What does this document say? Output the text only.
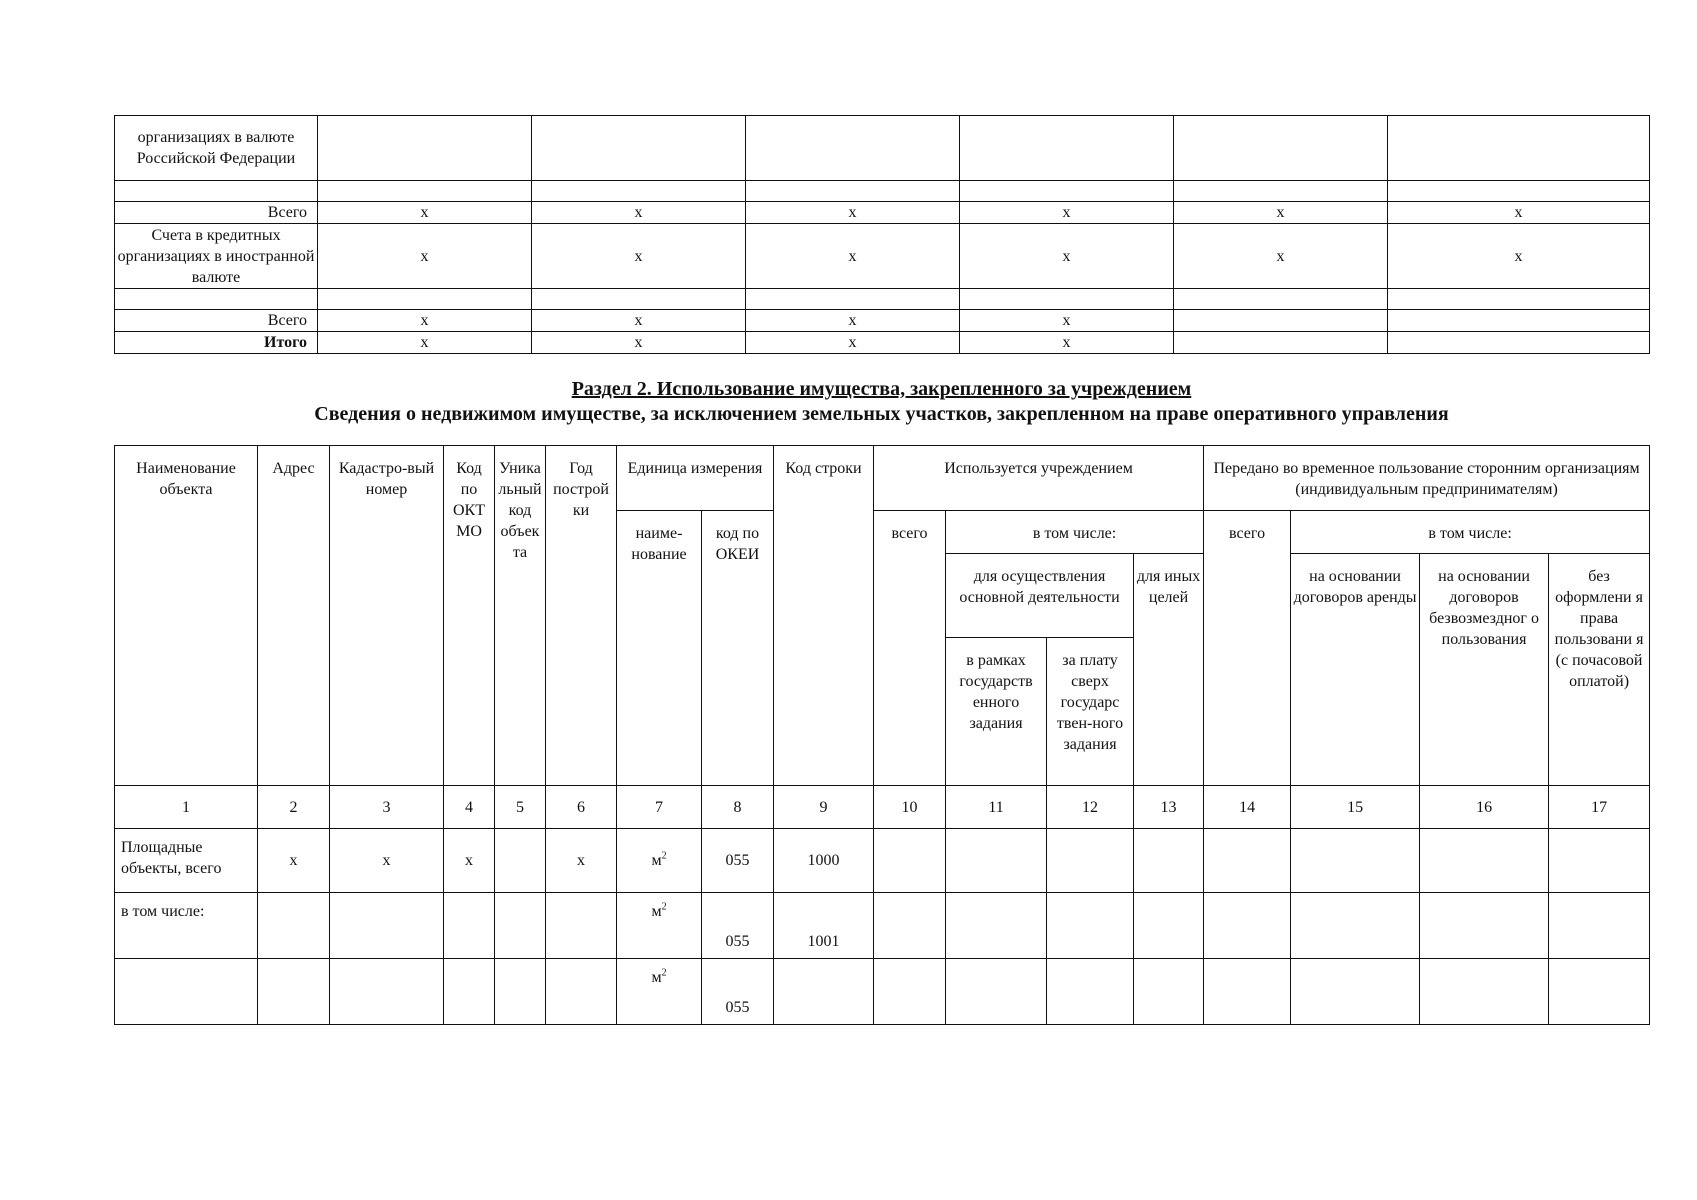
организациях в валюте Российской Федерации						

Всего	x	x	x	x	x	x
Счета в кредитных организациях в иностранной валюте	x	x	x	x	x	x

Всего	x	x	x	x		
Итого	x	x	x	x		
Раздел 2. Использование имущества, закрепленного за учреждением
Сведения о недвижимом имуществе, за исключением земельных участков, закрепленном на праве оперативного управления
Наименование объекта	Адрес	Кадастро-вый номер	Код по ОКТ МО	Уника льный код объек та	Год построй ки	Единица измерения		Код строки	Используется учреждением				Передано во временное пользование сторонним организациям (индивидуальным предпринимателям)			
						наиме-нование	код по ОКЕИ		всего	в том числе:			всего	в том числе:		
										для осуществления основной деятельности		для иных целей		на основании договоров аренды	на основании договоров безвозмездног о пользования	без оформлени я права пользовани я (с почасовой оплатой)
										в рамках государств енного задания	за плату сверх государс твен-ного задания					
1	2	3	4	5	6	7	8	9	10	11	12	13	14	15	16	17
Площадные объекты, всего	x	x	x		x	$м^2$	055	1000								
в том числе:						$м^2$	055	1001								
						$м^2$	055									
